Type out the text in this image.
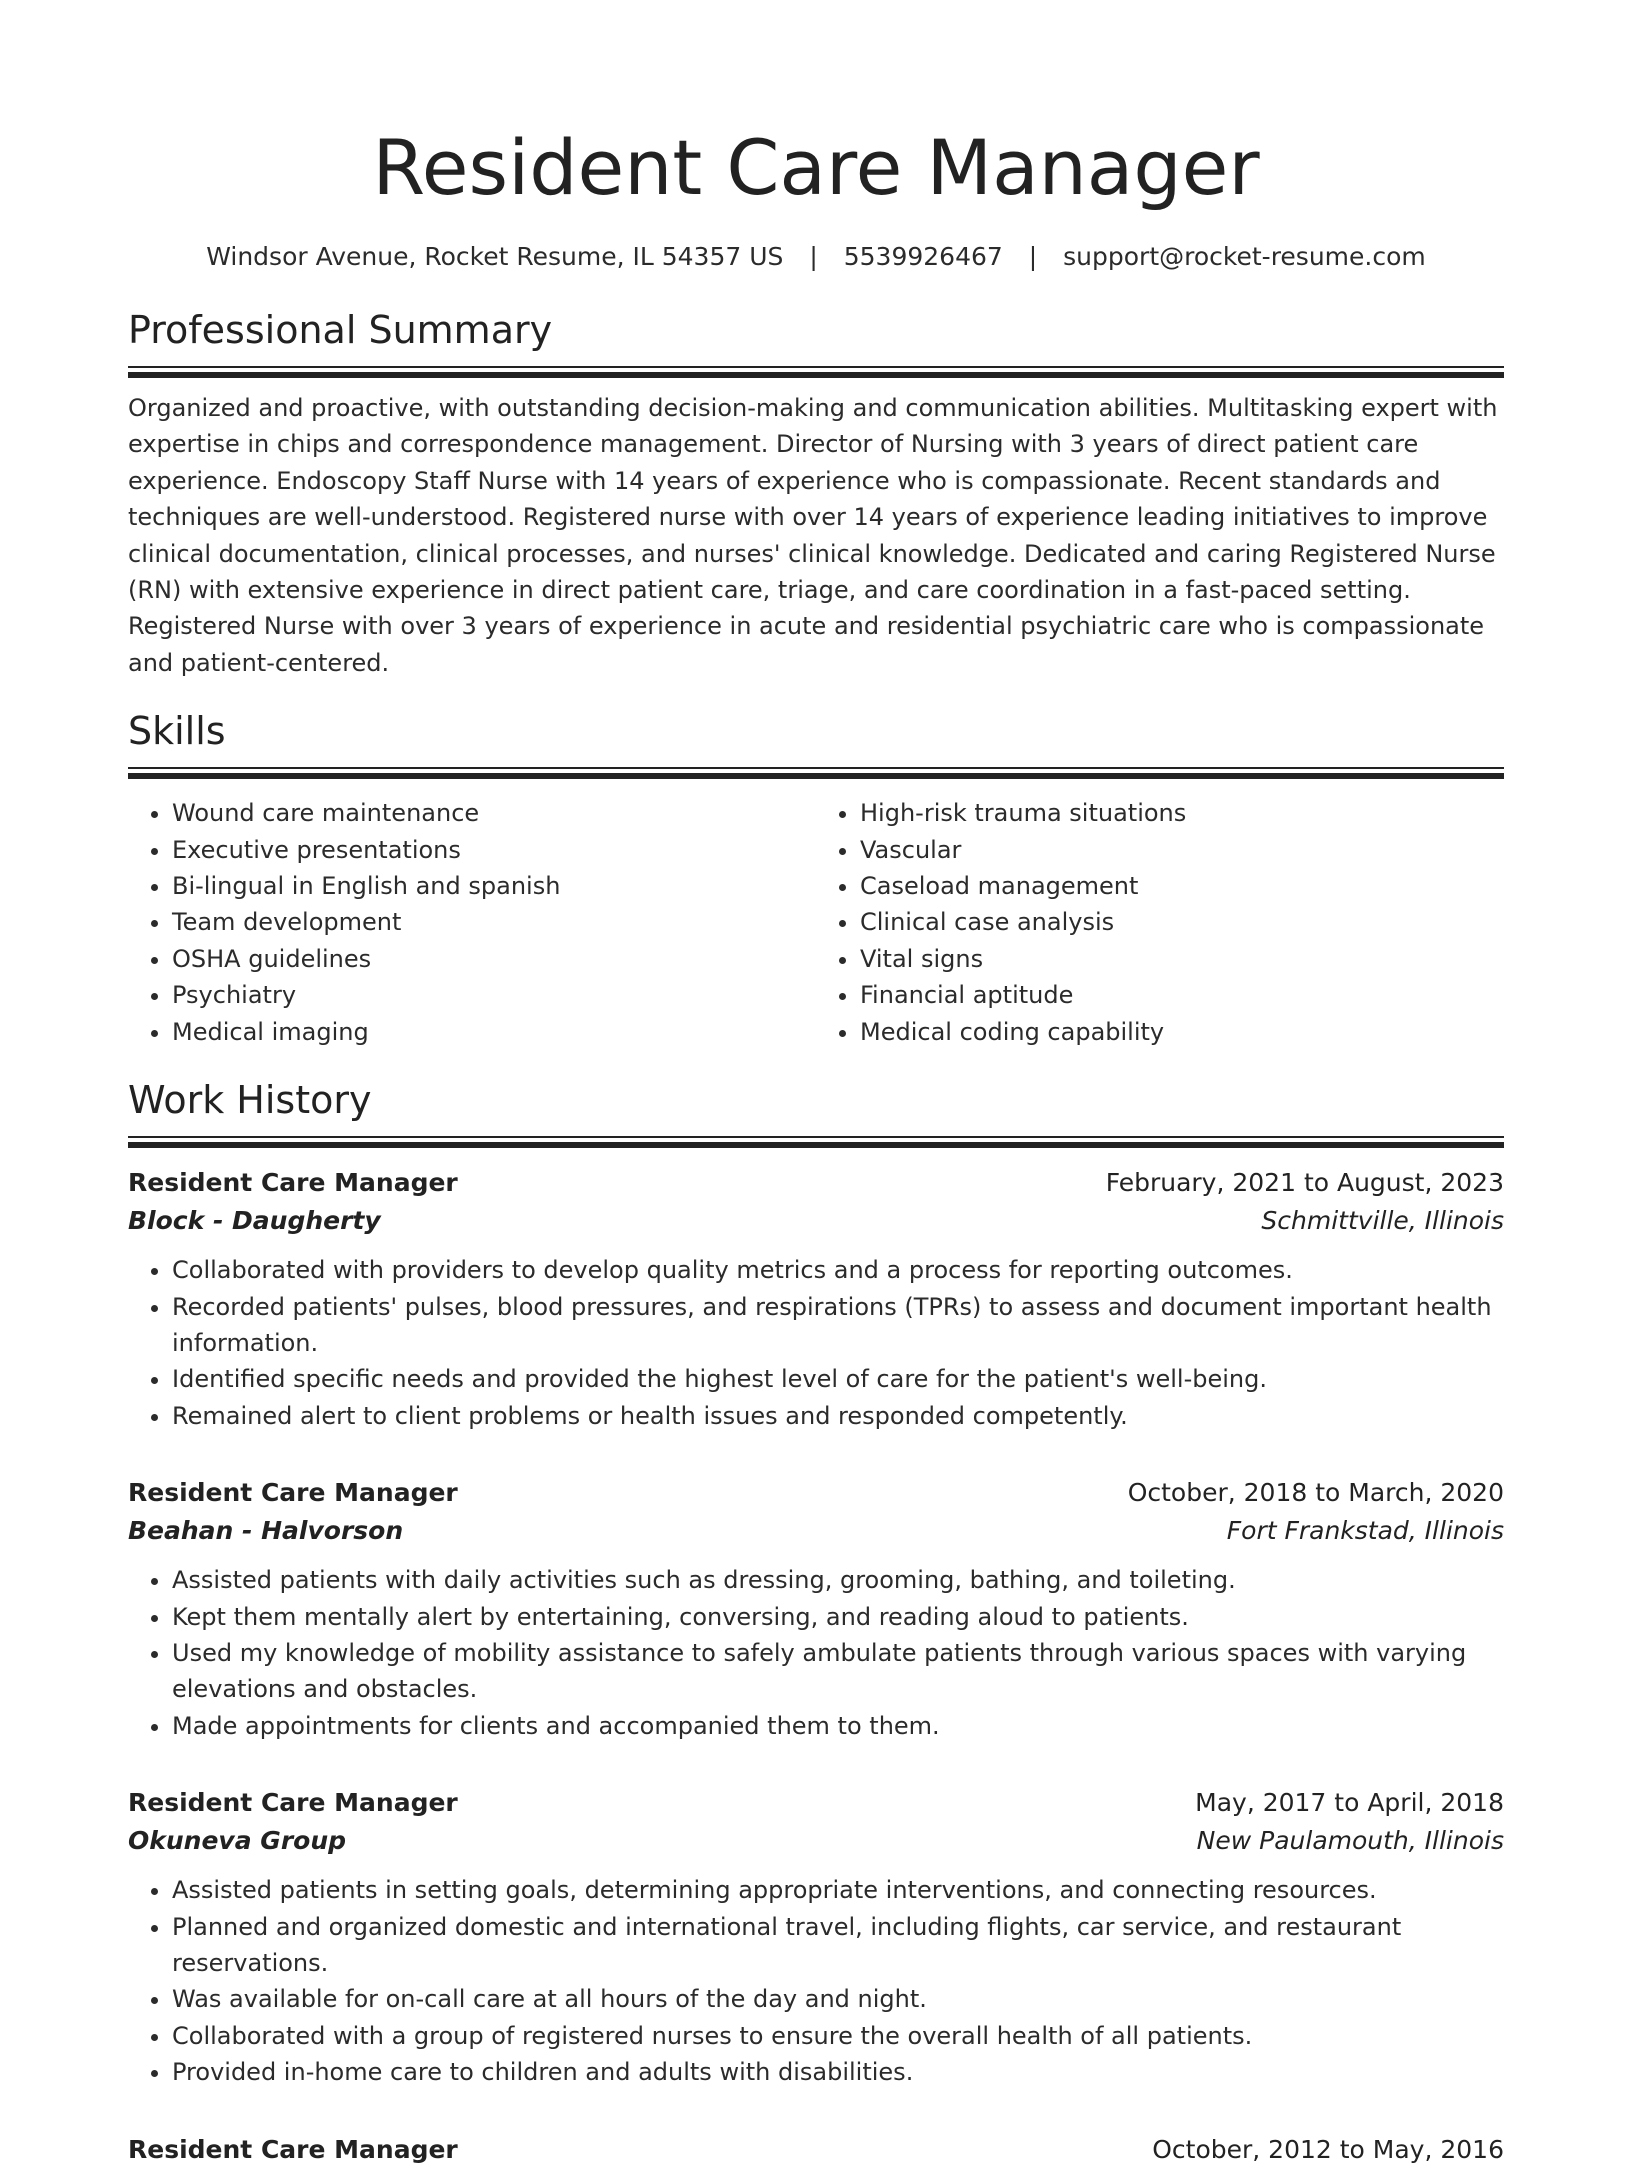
Resident Care Manager
Windsor Avenue, Rocket Resume, IL 54357 US | 5539926467 | support@rocket-resume.com
Professional Summary

Organized and proactive, with outstanding decision-making and communication abilities. Multitasking expert with expertise in chips and correspondence management. Director of Nursing with 3 years of direct patient care experience. Endoscopy Staff Nurse with 14 years of experience who is compassionate. Recent standards and techniques are well-understood. Registered nurse with over 14 years of experience leading initiatives to improve clinical documentation, clinical processes, and nurses' clinical knowledge. Dedicated and caring Registered Nurse (RN) with extensive experience in direct patient care, triage, and care coordination in a fast-paced setting. Registered Nurse with over 3 years of experience in acute and residential psychiatric care who is compassionate and patient-centered.

Skills
• Wound care maintenance
• Executive presentations
• Bi-lingual in English and spanish
• Team development
• OSHA guidelines
• Psychiatry
• Medical imaging
• High-risk trauma situations
• Vascular
• Caseload management
• Clinical case analysis
• Vital signs
• Financial aptitude
• Medical coding capability
Work History
Resident Care Manager	February, 2021 to August, 2023
Block - Daugherty	Schmittville, Illinois
• Collaborated with providers to develop quality metrics and a process for reporting outcomes.
• Recorded patients' pulses, blood pressures, and respirations (TPRs) to assess and document important health information.
• Identified specific needs and provided the highest level of care for the patient's well-being.
• Remained alert to client problems or health issues and responded competently.
Resident Care Manager	October, 2018 to March, 2020
Beahan - Halvorson	Fort Frankstad, Illinois
• Assisted patients with daily activities such as dressing, grooming, bathing, and toileting.
• Kept them mentally alert by entertaining, conversing, and reading aloud to patients.
• Used my knowledge of mobility assistance to safely ambulate patients through various spaces with varying elevations and obstacles.
• Made appointments for clients and accompanied them to them.
Resident Care Manager	May, 2017 to April, 2018
Okuneva Group	New Paulamouth, Illinois
• Assisted patients in setting goals, determining appropriate interventions, and connecting resources.
• Planned and organized domestic and international travel, including flights, car service, and restaurant reservations.
• Was available for on-call care at all hours of the day and night.
• Collaborated with a group of registered nurses to ensure the overall health of all patients.
• Provided in-home care to children and adults with disabilities.
Resident Care Manager	October, 2012 to May, 2016
